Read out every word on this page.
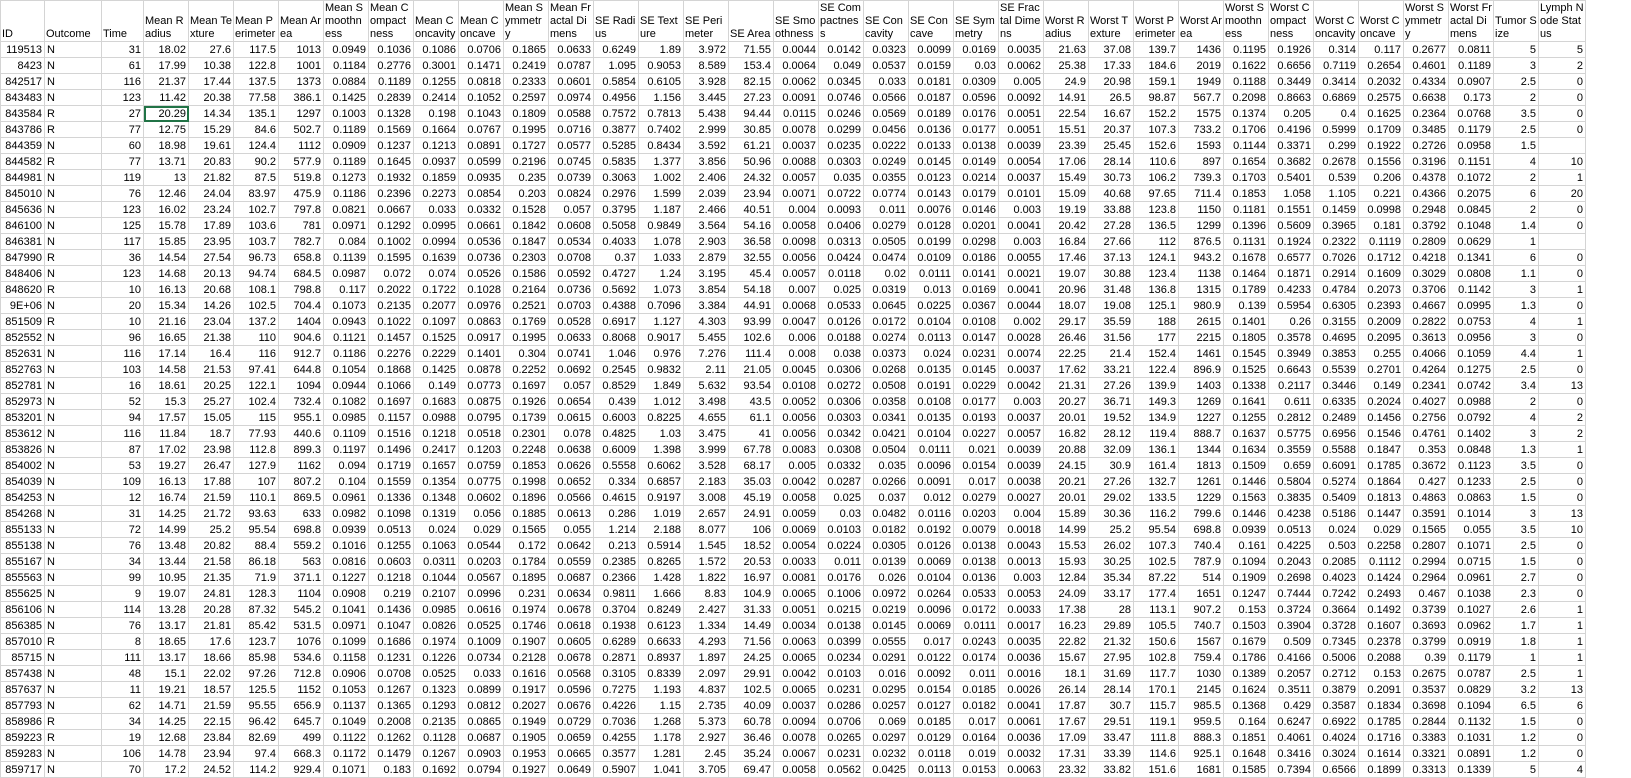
ID	Outcome	Time	Mean Radius	Mean Texture	Mean Perimeter	Mean Area	Mean Smoothness	Mean Compactness	Mean Concavity	Mean Concave	Mean Symmetry	Mean Fractal Dimens	SE Radius	SE Texture	SE Perimeter	SE Area	SE Smoothness	SE Compactness	SE Concavity	SE Concave	SE Symmetry	SE Fractal Dimens	Worst Radius	Worst Texture	Worst Perimeter	Worst Area	Worst Smoothness	Worst Compactness	Worst Concavity	Worst Concave	Worst Symmetry	Worst Fractal Dimens	Tumor Size	Lymph Node Status
119513	N	31	18.02	27.6	117.5	1013	0.0949	0.1036	0.1086	0.0706	0.1865	0.0633	0.6249	1.89	3.972	71.55	0.0044	0.0142	0.0323	0.0099	0.0169	0.0035	21.63	37.08	139.7	1436	0.1195	0.1926	0.314	0.117	0.2677	0.0811	5	5
8423	N	61	17.99	10.38	122.8	1001	0.1184	0.2776	0.3001	0.1471	0.2419	0.0787	1.095	0.9053	8.589	153.4	0.0064	0.049	0.0537	0.0159	0.03	0.0062	25.38	17.33	184.6	2019	0.1622	0.6656	0.7119	0.2654	0.4601	0.1189	3	2
842517	N	116	21.37	17.44	137.5	1373	0.0884	0.1189	0.1255	0.0818	0.2333	0.0601	0.5854	0.6105	3.928	82.15	0.0062	0.0345	0.033	0.0181	0.0309	0.005	24.9	20.98	159.1	1949	0.1188	0.3449	0.3414	0.2032	0.4334	0.0907	2.5	0
843483	N	123	11.42	20.38	77.58	386.1	0.1425	0.2839	0.2414	0.1052	0.2597	0.0974	0.4956	1.156	3.445	27.23	0.0091	0.0746	0.0566	0.0187	0.0596	0.0092	14.91	26.5	98.87	567.7	0.2098	0.8663	0.6869	0.2575	0.6638	0.173	2	0
843584	R	27	20.29	14.34	135.1	1297	0.1003	0.1328	0.198	0.1043	0.1809	0.0588	0.7572	0.7813	5.438	94.44	0.0115	0.0246	0.0569	0.0189	0.0176	0.0051	22.54	16.67	152.2	1575	0.1374	0.205	0.4	0.1625	0.2364	0.0768	3.5	0
843786	R	77	12.75	15.29	84.6	502.7	0.1189	0.1569	0.1664	0.0767	0.1995	0.0716	0.3877	0.7402	2.999	30.85	0.0078	0.0299	0.0456	0.0136	0.0177	0.0051	15.51	20.37	107.3	733.2	0.1706	0.4196	0.5999	0.1709	0.3485	0.1179	2.5	0
844359	N	60	18.98	19.61	124.4	1112	0.0909	0.1237	0.1213	0.0891	0.1727	0.0577	0.5285	0.8434	3.592	61.21	0.0037	0.0235	0.0222	0.0133	0.0138	0.0039	23.39	25.45	152.6	1593	0.1144	0.3371	0.299	0.1922	0.2726	0.0958	1.5	
844582	R	77	13.71	20.83	90.2	577.9	0.1189	0.1645	0.0937	0.0599	0.2196	0.0745	0.5835	1.377	3.856	50.96	0.0088	0.0303	0.0249	0.0145	0.0149	0.0054	17.06	28.14	110.6	897	0.1654	0.3682	0.2678	0.1556	0.3196	0.1151	4	10
844981	N	119	13	21.82	87.5	519.8	0.1273	0.1932	0.1859	0.0935	0.235	0.0739	0.3063	1.002	2.406	24.32	0.0057	0.035	0.0355	0.0123	0.0214	0.0037	15.49	30.73	106.2	739.3	0.1703	0.5401	0.539	0.206	0.4378	0.1072	2	1
845010	N	76	12.46	24.04	83.97	475.9	0.1186	0.2396	0.2273	0.0854	0.203	0.0824	0.2976	1.599	2.039	23.94	0.0071	0.0722	0.0774	0.0143	0.0179	0.0101	15.09	40.68	97.65	711.4	0.1853	1.058	1.105	0.221	0.4366	0.2075	6	20
845636	N	123	16.02	23.24	102.7	797.8	0.0821	0.0667	0.033	0.0332	0.1528	0.057	0.3795	1.187	2.466	40.51	0.004	0.0093	0.011	0.0076	0.0146	0.003	19.19	33.88	123.8	1150	0.1181	0.1551	0.1459	0.0998	0.2948	0.0845	2	0
846100	N	125	15.78	17.89	103.6	781	0.0971	0.1292	0.0995	0.0661	0.1842	0.0608	0.5058	0.9849	3.564	54.16	0.0058	0.0406	0.0279	0.0128	0.0201	0.0041	20.42	27.28	136.5	1299	0.1396	0.5609	0.3965	0.181	0.3792	0.1048	1.4	0
846381	N	117	15.85	23.95	103.7	782.7	0.084	0.1002	0.0994	0.0536	0.1847	0.0534	0.4033	1.078	2.903	36.58	0.0098	0.0313	0.0505	0.0199	0.0298	0.003	16.84	27.66	112	876.5	0.1131	0.1924	0.2322	0.1119	0.2809	0.0629	1	
847990	R	36	14.54	27.54	96.73	658.8	0.1139	0.1595	0.1639	0.0736	0.2303	0.0708	0.37	1.033	2.879	32.55	0.0056	0.0424	0.0474	0.0109	0.0186	0.0055	17.46	37.13	124.1	943.2	0.1678	0.6577	0.7026	0.1712	0.4218	0.1341	6	0
848406	N	123	14.68	20.13	94.74	684.5	0.0987	0.072	0.074	0.0526	0.1586	0.0592	0.4727	1.24	3.195	45.4	0.0057	0.0118	0.02	0.0111	0.0141	0.0021	19.07	30.88	123.4	1138	0.1464	0.1871	0.2914	0.1609	0.3029	0.0808	1.1	0
848620	R	10	16.13	20.68	108.1	798.8	0.117	0.2022	0.1722	0.1028	0.2164	0.0736	0.5692	1.073	3.854	54.18	0.007	0.025	0.0319	0.013	0.0169	0.0041	20.96	31.48	136.8	1315	0.1789	0.4233	0.4784	0.2073	0.3706	0.1142	3	1
9E+06	N	20	15.34	14.26	102.5	704.4	0.1073	0.2135	0.2077	0.0976	0.2521	0.0703	0.4388	0.7096	3.384	44.91	0.0068	0.0533	0.0645	0.0225	0.0367	0.0044	18.07	19.08	125.1	980.9	0.139	0.5954	0.6305	0.2393	0.4667	0.0995	1.3	0
851509	R	10	21.16	23.04	137.2	1404	0.0943	0.1022	0.1097	0.0863	0.1769	0.0528	0.6917	1.127	4.303	93.99	0.0047	0.0126	0.0172	0.0104	0.0108	0.002	29.17	35.59	188	2615	0.1401	0.26	0.3155	0.2009	0.2822	0.0753	4	1
852552	N	96	16.65	21.38	110	904.6	0.1121	0.1457	0.1525	0.0917	0.1995	0.0633	0.8068	0.9017	5.455	102.6	0.006	0.0188	0.0274	0.0113	0.0147	0.0028	26.46	31.56	177	2215	0.1805	0.3578	0.4695	0.2095	0.3613	0.0956	3	0
852631	N	116	17.14	16.4	116	912.7	0.1186	0.2276	0.2229	0.1401	0.304	0.0741	1.046	0.976	7.276	111.4	0.008	0.038	0.0373	0.024	0.0231	0.0074	22.25	21.4	152.4	1461	0.1545	0.3949	0.3853	0.255	0.4066	0.1059	4.4	1
852763	N	103	14.58	21.53	97.41	644.8	0.1054	0.1868	0.1425	0.0878	0.2252	0.0692	0.2545	0.9832	2.11	21.05	0.0045	0.0306	0.0268	0.0135	0.0145	0.0037	17.62	33.21	122.4	896.9	0.1525	0.6643	0.5539	0.2701	0.4264	0.1275	2.5	0
852781	N	16	18.61	20.25	122.1	1094	0.0944	0.1066	0.149	0.0773	0.1697	0.057	0.8529	1.849	5.632	93.54	0.0108	0.0272	0.0508	0.0191	0.0229	0.0042	21.31	27.26	139.9	1403	0.1338	0.2117	0.3446	0.149	0.2341	0.0742	3.4	13
852973	N	52	15.3	25.27	102.4	732.4	0.1082	0.1697	0.1683	0.0875	0.1926	0.0654	0.439	1.012	3.498	43.5	0.0052	0.0306	0.0358	0.0108	0.0177	0.003	20.27	36.71	149.3	1269	0.1641	0.611	0.6335	0.2024	0.4027	0.0988	2	0
853201	N	94	17.57	15.05	115	955.1	0.0985	0.1157	0.0988	0.0795	0.1739	0.0615	0.6003	0.8225	4.655	61.1	0.0056	0.0303	0.0341	0.0135	0.0193	0.0037	20.01	19.52	134.9	1227	0.1255	0.2812	0.2489	0.1456	0.2756	0.0792	4	2
853612	N	116	11.84	18.7	77.93	440.6	0.1109	0.1516	0.1218	0.0518	0.2301	0.078	0.4825	1.03	3.475	41	0.0056	0.0342	0.0421	0.0104	0.0227	0.0057	16.82	28.12	119.4	888.7	0.1637	0.5775	0.6956	0.1546	0.4761	0.1402	3	2
853826	N	87	17.02	23.98	112.8	899.3	0.1197	0.1496	0.2417	0.1203	0.2248	0.0638	0.6009	1.398	3.999	67.78	0.0083	0.0308	0.0504	0.0111	0.021	0.0039	20.88	32.09	136.1	1344	0.1634	0.3559	0.5588	0.1847	0.353	0.0848	1.3	1
854002	N	53	19.27	26.47	127.9	1162	0.094	0.1719	0.1657	0.0759	0.1853	0.0626	0.5558	0.6062	3.528	68.17	0.005	0.0332	0.035	0.0096	0.0154	0.0039	24.15	30.9	161.4	1813	0.1509	0.659	0.6091	0.1785	0.3672	0.1123	3.5	0
854039	N	109	16.13	17.88	107	807.2	0.104	0.1559	0.1354	0.0775	0.1998	0.0652	0.334	0.6857	2.183	35.03	0.0042	0.0287	0.0266	0.0091	0.017	0.0038	20.21	27.26	132.7	1261	0.1446	0.5804	0.5274	0.1864	0.427	0.1233	2.5	0
854253	N	12	16.74	21.59	110.1	869.5	0.0961	0.1336	0.1348	0.0602	0.1896	0.0566	0.4615	0.9197	3.008	45.19	0.0058	0.025	0.037	0.012	0.0279	0.0027	20.01	29.02	133.5	1229	0.1563	0.3835	0.5409	0.1813	0.4863	0.0863	1.5	0
854268	N	31	14.25	21.72	93.63	633	0.0982	0.1098	0.1319	0.056	0.1885	0.0613	0.286	1.019	2.657	24.91	0.0059	0.03	0.0482	0.0116	0.0203	0.004	15.89	30.36	116.2	799.6	0.1446	0.4238	0.5186	0.1447	0.3591	0.1014	3	13
855133	N	72	14.99	25.2	95.54	698.8	0.0939	0.0513	0.024	0.029	0.1565	0.055	1.214	2.188	8.077	106	0.0069	0.0103	0.0182	0.0192	0.0079	0.0018	14.99	25.2	95.54	698.8	0.0939	0.0513	0.024	0.029	0.1565	0.055	3.5	10
855138	N	76	13.48	20.82	88.4	559.2	0.1016	0.1255	0.1063	0.0544	0.172	0.0642	0.213	0.5914	1.545	18.52	0.0054	0.0224	0.0305	0.0126	0.0138	0.0043	15.53	26.02	107.3	740.4	0.161	0.4225	0.503	0.2258	0.2807	0.1071	2.5	0
855167	N	34	13.44	21.58	86.18	563	0.0816	0.0603	0.0311	0.0203	0.1784	0.0559	0.2385	0.8265	1.572	20.53	0.0033	0.011	0.0139	0.0069	0.0138	0.0013	15.93	30.25	102.5	787.9	0.1094	0.2043	0.2085	0.1112	0.2994	0.0715	1.5	0
855563	N	99	10.95	21.35	71.9	371.1	0.1227	0.1218	0.1044	0.0567	0.1895	0.0687	0.2366	1.428	1.822	16.97	0.0081	0.0176	0.026	0.0104	0.0136	0.003	12.84	35.34	87.22	514	0.1909	0.2698	0.4023	0.1424	0.2964	0.0961	2.7	0
855625	N	9	19.07	24.81	128.3	1104	0.0908	0.219	0.2107	0.0996	0.231	0.0634	0.9811	1.666	8.83	104.9	0.0065	0.1006	0.0972	0.0264	0.0533	0.0053	24.09	33.17	177.4	1651	0.1247	0.7444	0.7242	0.2493	0.467	0.1038	2.3	0
856106	N	114	13.28	20.28	87.32	545.2	0.1041	0.1436	0.0985	0.0616	0.1974	0.0678	0.3704	0.8249	2.427	31.33	0.0051	0.0215	0.0219	0.0096	0.0172	0.0033	17.38	28	113.1	907.2	0.153	0.3724	0.3664	0.1492	0.3739	0.1027	2.6	1
856385	N	76	13.17	21.81	85.42	531.5	0.0971	0.1047	0.0826	0.0525	0.1746	0.0618	0.1938	0.6123	1.334	14.49	0.0034	0.0138	0.0145	0.0069	0.0111	0.0017	16.23	29.89	105.5	740.7	0.1503	0.3904	0.3728	0.1607	0.3693	0.0962	1.7	1
857010	R	8	18.65	17.6	123.7	1076	0.1099	0.1686	0.1974	0.1009	0.1907	0.0605	0.6289	0.6633	4.293	71.56	0.0063	0.0399	0.0555	0.017	0.0243	0.0035	22.82	21.32	150.6	1567	0.1679	0.509	0.7345	0.2378	0.3799	0.0919	1.8	1
85715	N	111	13.17	18.66	85.98	534.6	0.1158	0.1231	0.1226	0.0734	0.2128	0.0678	0.2871	0.8937	1.897	24.25	0.0065	0.0234	0.0291	0.0122	0.0174	0.0036	15.67	27.95	102.8	759.4	0.1786	0.4166	0.5006	0.2088	0.39	0.1179	1	1
857438	N	48	15.1	22.02	97.26	712.8	0.0906	0.0708	0.0525	0.033	0.1616	0.0568	0.3105	0.8339	2.097	29.91	0.0042	0.0103	0.016	0.0092	0.011	0.0016	18.1	31.69	117.7	1030	0.1389	0.2057	0.2712	0.153	0.2675	0.0787	2.5	1
857637	N	11	19.21	18.57	125.5	1152	0.1053	0.1267	0.1323	0.0899	0.1917	0.0596	0.7275	1.193	4.837	102.5	0.0065	0.0231	0.0295	0.0154	0.0185	0.0026	26.14	28.14	170.1	2145	0.1624	0.3511	0.3879	0.2091	0.3537	0.0829	3.2	13
857793	N	62	14.71	21.59	95.55	656.9	0.1137	0.1365	0.1293	0.0812	0.2027	0.0676	0.4226	1.15	2.735	40.09	0.0037	0.0286	0.0257	0.0127	0.0182	0.0041	17.87	30.7	115.7	985.5	0.1368	0.429	0.3587	0.1834	0.3698	0.1094	6.5	6
858986	R	34	14.25	22.15	96.42	645.7	0.1049	0.2008	0.2135	0.0865	0.1949	0.0729	0.7036	1.268	5.373	60.78	0.0094	0.0706	0.069	0.0185	0.017	0.0061	17.67	29.51	119.1	959.5	0.164	0.6247	0.6922	0.1785	0.2844	0.1132	1.5	0
859223	R	19	12.68	23.84	82.69	499	0.1122	0.1262	0.1128	0.0687	0.1905	0.0659	0.4255	1.178	2.927	36.46	0.0078	0.0265	0.0297	0.0129	0.0164	0.0036	17.09	33.47	111.8	888.3	0.1851	0.4061	0.4024	0.1716	0.3383	0.1031	1.2	0
859283	N	106	14.78	23.94	97.4	668.3	0.1172	0.1479	0.1267	0.0903	0.1953	0.0665	0.3577	1.281	2.45	35.24	0.0067	0.0231	0.0232	0.0118	0.019	0.0032	17.31	33.39	114.6	925.1	0.1648	0.3416	0.3024	0.1614	0.3321	0.0891	1.2	0
859717	N	70	17.2	24.52	114.2	929.4	0.1071	0.183	0.1692	0.0794	0.1927	0.0649	0.5907	1.041	3.705	69.47	0.0058	0.0562	0.0425	0.0113	0.0153	0.0063	23.32	33.82	151.6	1681	0.1585	0.7394	0.6566	0.1899	0.3313	0.1339	5	4
